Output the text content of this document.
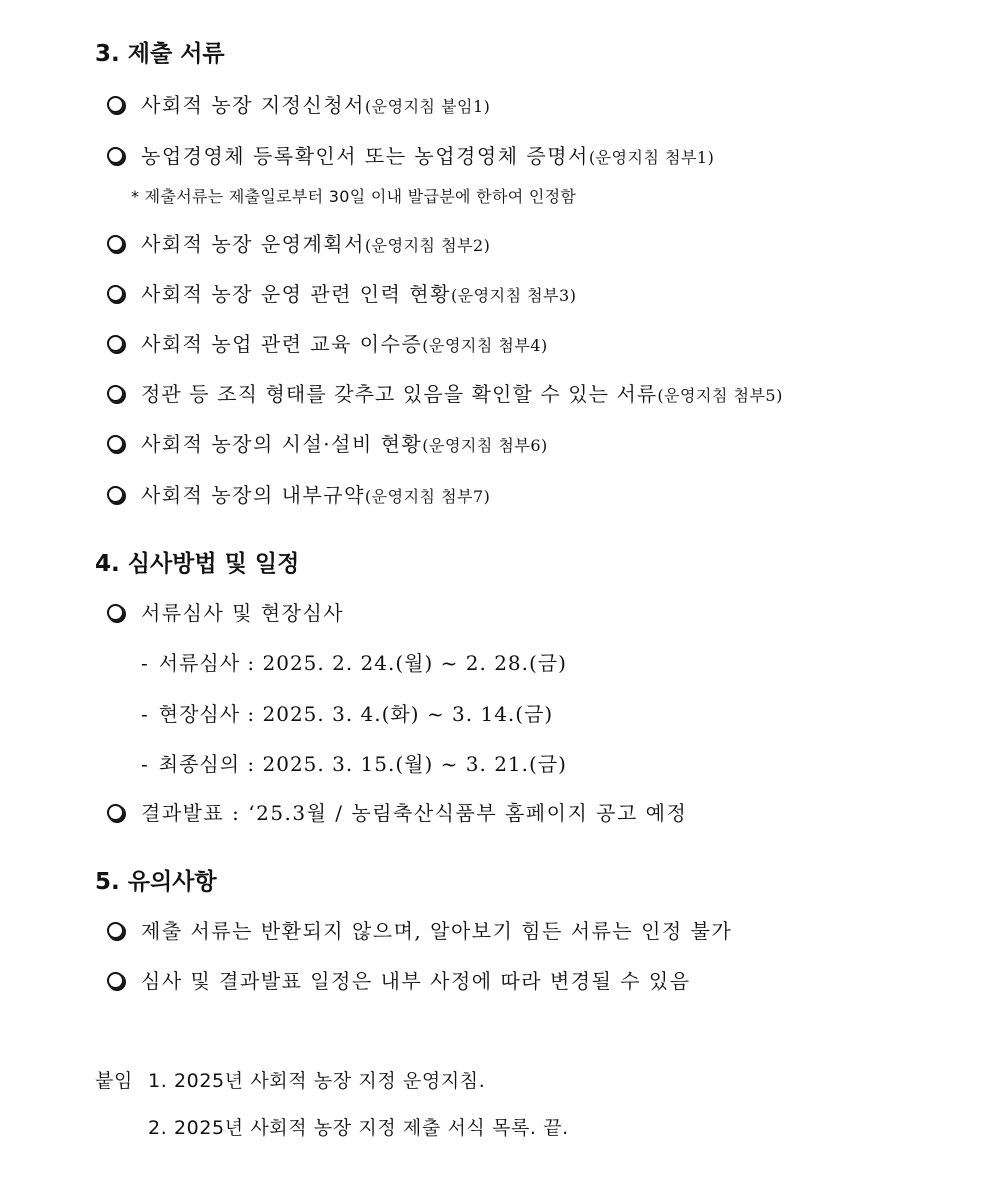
3. 제출 서류
사회적 농장 지정신청서 (운영지침 붙임1)
농업경영체 등록확인서 또는 농업경영체 증명서 (운영지침 첨부1)
* 제출서류는 제출일로부터 30일 이내 발급분에 한하여 인정함
사회적 농장 운영계획서 (운영지침 첨부2)
사회적 농장 운영 관련 인력 현황 (운영지침 첨부3)
사회적 농업 관련 교육 이수증 (운영지침 첨부4)
정관 등 조직 형태를 갖추고 있음을 확인할 수 있는 서류 (운영지침 첨부5)
사회적 농장의 시설·설비 현황 (운영지침 첨부6)
사회적 농장의 내부규약 (운영지침 첨부7)
4. 심사방법 및 일정
서류심사 및 현장심사
- 서류심사 : 2025. 2. 24.(월) ~ 2. 28.(금)
- 현장심사 : 2025. 3. 4.(화) ~ 3. 14.(금)
- 최종심의 : 2025. 3. 15.(월) ~ 3. 21.(금)
결과발표 : ‘25.3월 / 농림축산식품부 홈페이지 공고 예정
5. 유의사항
제출 서류는 반환되지 않으며, 알아보기 힘든 서류는 인정 불가
심사 및 결과발표 일정은 내부 사정에 따라 변경될 수 있음
붙임 1. 2025년 사회적 농장 지정 운영지침.
2. 2025년 사회적 농장 지정 제출 서식 목록. 끝.
